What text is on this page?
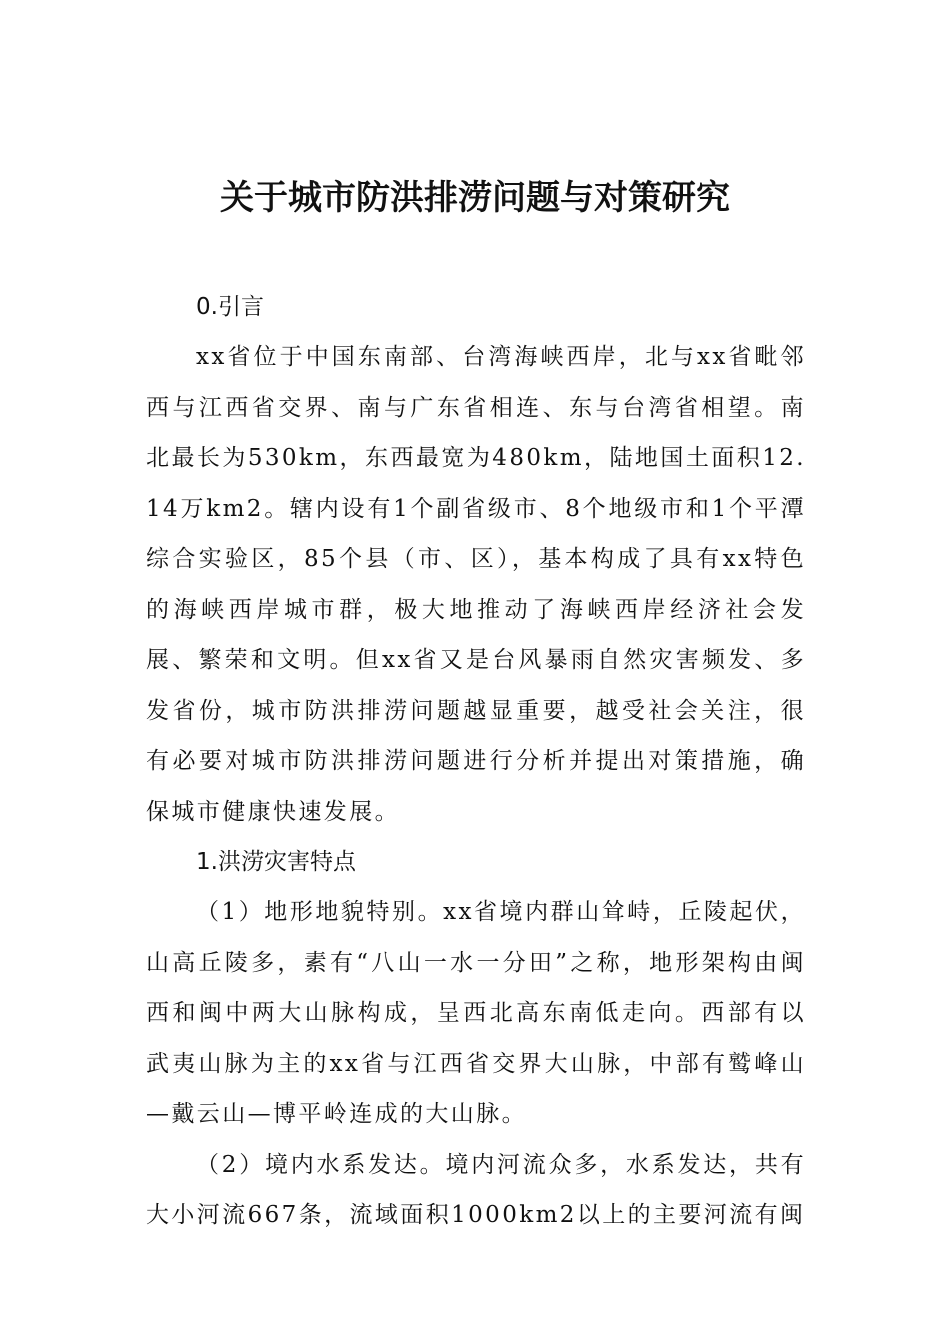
关于城市防洪排涝问题与对策研究

0.引言

xx省位于中国东南部、台湾海峡西岸，北与xx省毗邻西与江西省交界、南与广东省相连、东与台湾省相望。南北最长为530km，东西最宽为480km，陆地国土面积12.14万km2。辖内设有1个副省级市、8个地级市和1个平潭综合实验区，85个县（市、区），基本构成了具有xx特色的海峡西岸城市群，极大地推动了海峡西岸经济社会发展、繁荣和文明。但xx省又是台风暴雨自然灾害频发、多发省份，城市防洪排涝问题越显重要，越受社会关注，很有必要对城市防洪排涝问题进行分析并提出对策措施，确保城市健康快速发展。

1.洪涝灾害特点

（1）地形地貌特别。xx省境内群山耸峙，丘陵起伏，山高丘陵多，素有“八山一水一分田”之称，地形架构由闽西和闽中两大山脉构成，呈西北高东南低走向。西部有以武夷山脉为主的xx省与江西省交界大山脉，中部有鹫峰山—戴云山—博平岭连成的大山脉。

（2）境内水系发达。境内河流众多，水系发达，共有大小河流667条，流域面积1000km2以上的主要河流有闽
